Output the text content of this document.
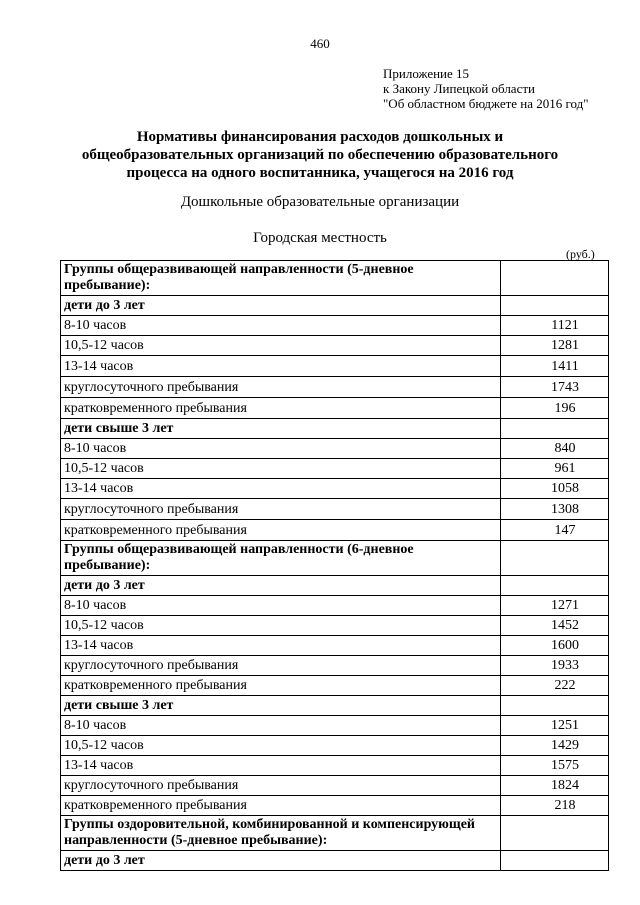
460
Приложение 15
к Закону Липецкой области
"Об областном бюджете на 2016 год"
Нормативы финансирования расходов дошкольных и
общеобразовательных организаций по обеспечению образовательного
процесса на одного воспитанника, учащегося на 2016 год
Дошкольные образовательные организации
Городская местность
(руб.)
Группы общеразвивающей направленности (5-дневное пребывание):	
дети до 3 лет	
8-10 часов	1121
10,5-12 часов	1281
13-14 часов	1411
круглосуточного пребывания	1743
кратковременного пребывания	196
дети свыше 3 лет	
8-10 часов	840
10,5-12 часов	961
13-14 часов	1058
круглосуточного пребывания	1308
кратковременного пребывания	147
Группы общеразвивающей направленности (6-дневное пребывание):	
дети до 3 лет	
8-10 часов	1271
10,5-12 часов	1452
13-14 часов	1600
круглосуточного пребывания	1933
кратковременного пребывания	222
дети свыше 3 лет	
8-10 часов	1251
10,5-12 часов	1429
13-14 часов	1575
круглосуточного пребывания	1824
кратковременного пребывания	218
Группы оздоровительной, комбинированной и компенсирующей направленности (5-дневное пребывание):	
дети до 3 лет	
